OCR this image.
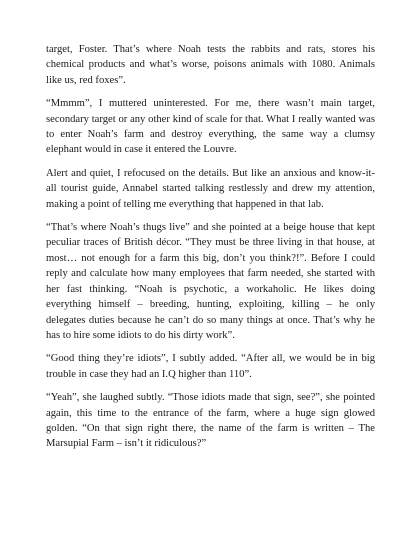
target, Foster. That’s where Noah tests the rabbits and rats, stores his chemical products and what’s worse, poisons animals with 1080. Animals like us, red foxes”.

“Mmmm”, I muttered uninterested. For me, there wasn’t main target, secondary target or any other kind of scale for that. What I really wanted was to enter Noah’s farm and destroy everything, the same way a clumsy elephant would in case it entered the Louvre.

Alert and quiet, I refocused on the details. But like an anxious and know-it-all tourist guide, Annabel started talking restlessly and drew my attention, making a point of telling me everything that happened in that lab.

“That’s where Noah’s thugs live” and she pointed at a beige house that kept peculiar traces of British décor. “They must be three living in that house, at most… not enough for a farm this big, don’t you think?!”. Before I could reply and calculate how many employees that farm needed, she started with her fast thinking. “Noah is psychotic, a workaholic. He likes doing everything himself – breeding, hunting, exploiting, killing – he only delegates duties because he can’t do so many things at once. That’s why he has to hire some idiots to do his dirty work”.

“Good thing they’re idiots”, I subtly added. “After all, we would be in big trouble in case they had an I.Q higher than 110”.

“Yeah”, she laughed subtly. “Those idiots made that sign, see?”, she pointed again, this time to the entrance of the farm, where a huge sign glowed golden. “On that sign right there, the name of the farm is written – The Marsupial Farm – isn’t it ridiculous?”
